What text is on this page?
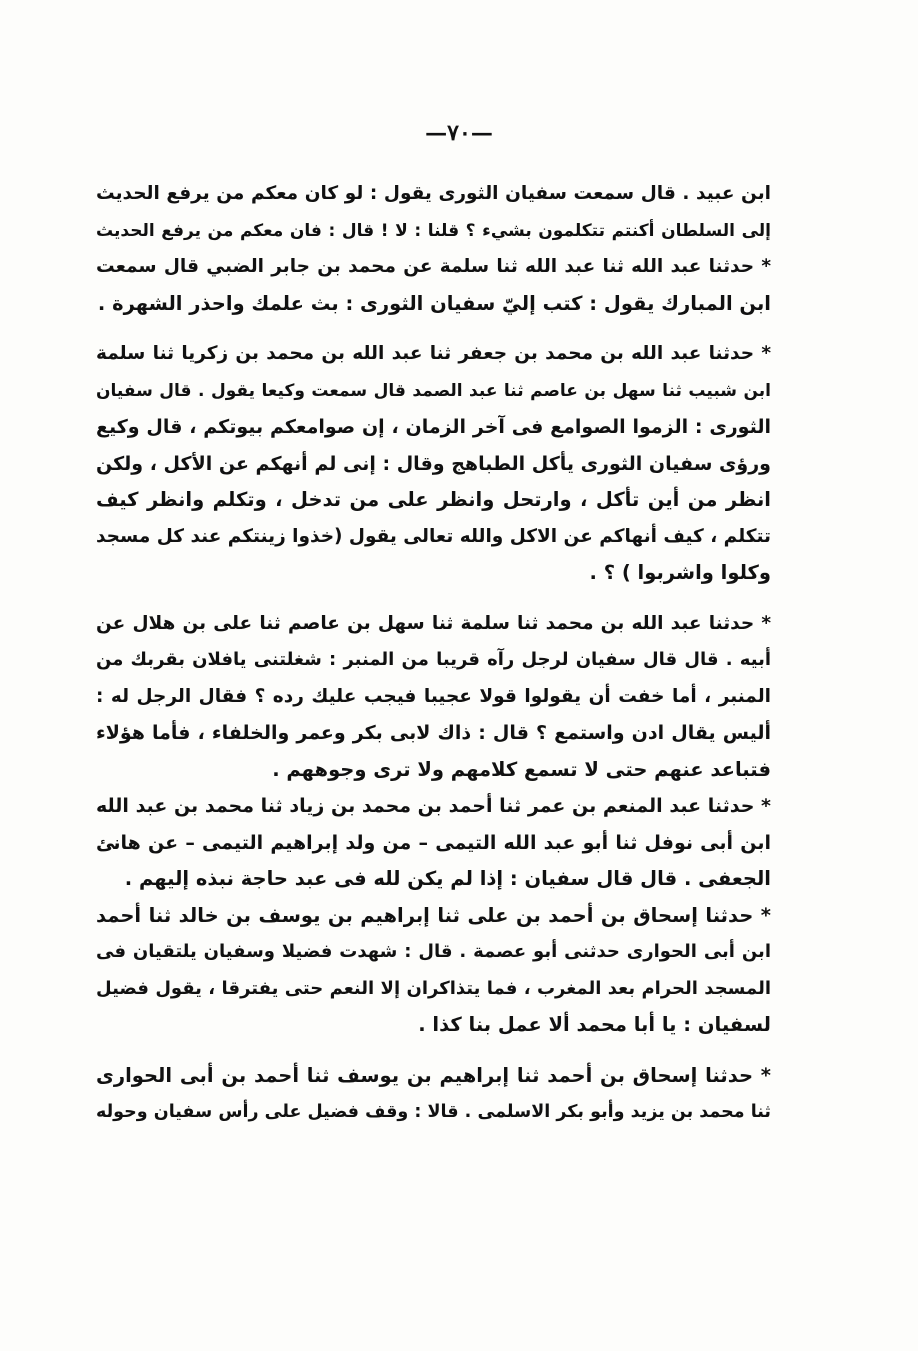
—٧٠—
ابن عبيد . قال سمعت سفيان الثورى يقول : لو كان معكم من يرفع الحديث
إلى السلطان أكنتم تتكلمون بشيء ؟ قلنا : لا ! قال : فان معكم من يرفع الحديث
* حدثنا عبد الله ثنا عبد الله ثنا سلمة عن محمد بن جابر الضبي قال سمعت
ابن المبارك يقول : كتب إليّ سفيان الثورى : بث علمك واحذر الشهرة .
* حدثنا عبد الله بن محمد بن جعفر ثنا عبد الله بن محمد بن زكريا ثنا سلمة
ابن شبيب ثنا سهل بن عاصم ثنا عبد الصمد قال سمعت وكيعا يقول . قال سفيان
الثورى : الزموا الصوامع فى آخر الزمان ، إن صوامعكم بيوتكم ، قال وكيع
ورؤى سفيان الثورى يأكل الطباهج وقال : إنى لم أنهكم عن الأكل ، ولكن
انظر من أين تأكل ، وارتحل وانظر على من تدخل ، وتكلم وانظر كيف
تتكلم ، كيف أنهاكم عن الاكل والله تعالى يقول (خذوا زينتكم عند كل مسجد
وكلوا واشربوا ) ؟ .
* حدثنا عبد الله بن محمد ثنا سلمة ثنا سهل بن عاصم ثنا على بن هلال عن
أبيه . قال قال سفيان لرجل رآه قريبا من المنبر : شغلتنى يافلان بقربك من
المنبر ، أما خفت أن يقولوا قولا عجيبا فيجب عليك رده ؟ فقال الرجل له :
أليس يقال ادن واستمع ؟ قال : ذاك لابى بكر وعمر والخلفاء ، فأما هؤلاء
فتباعد عنهم حتى لا تسمع كلامهم ولا ترى وجوههم .
* حدثنا عبد المنعم بن عمر ثنا أحمد بن محمد بن زياد ثنا محمد بن عبد الله
ابن أبى نوفل ثنا أبو عبد الله التيمى – من ولد إبراهيم التيمى – عن هانئ
الجعفى . قال قال سفيان : إذا لم يكن لله فى عبد حاجة نبذه إليهم .
* حدثنا إسحاق بن أحمد بن على ثنا إبراهيم بن يوسف بن خالد ثنا أحمد
ابن أبى الحوارى حدثنى أبو عصمة . قال : شهدت فضيلا وسفيان يلتقيان فى
المسجد الحرام بعد المغرب ، فما يتذاكران إلا النعم حتى يفترقا ، يقول فضيل
لسفيان : يا أبا محمد ألا عمل بنا كذا .
* حدثنا إسحاق بن أحمد ثنا إبراهيم بن يوسف ثنا أحمد بن أبى الحوارى
ثنا محمد بن يزيد وأبو بكر الاسلمى . قالا : وقف فضيل على رأس سفيان وحوله
